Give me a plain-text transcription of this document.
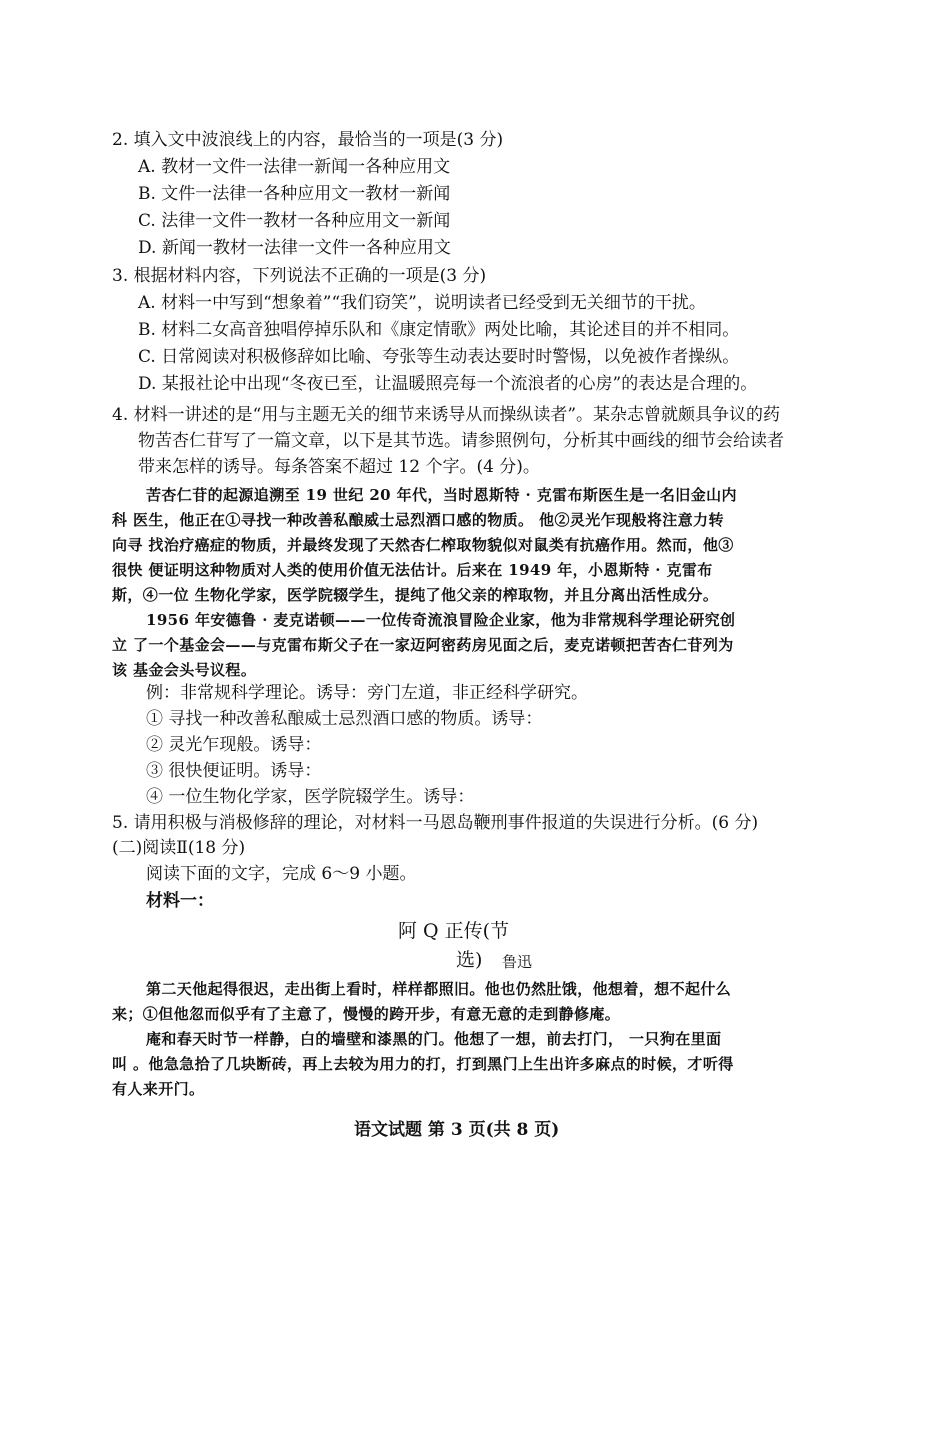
2. 填入文中波浪线上的内容，最恰当的一项是(3 分)
A. 教材一文件一法律一新闻一各种应用文
B. 文件一法律一各种应用文一教材一新闻
C. 法律一文件一教材一各种应用文一新闻
D. 新闻一教材一法律一文件一各种应用文
3. 根据材料内容，下列说法不正确的一项是(3 分)
A. 材料一中写到“想象着”“我们窃笑”，说明读者已经受到无关细节的干扰。
B. 材料二女高音独唱停掉乐队和《康定情歌》两处比喻，其论述目的并不相同。
C. 日常阅读对积极修辞如比喻、夸张等生动表达要时时警惕，以免被作者操纵。
D. 某报社论中出现“冬夜已至，让温暖照亮每一个流浪者的心房”的表达是合理的。
4. 材料一讲述的是“用与主题无关的细节来诱导从而操纵读者”。某杂志曾就颇具争议的药
物苦杏仁苷写了一篇文章，以下是其节选。请参照例句，分析其中画线的细节会给读者
带来怎样的诱导。每条答案不超过 12 个字。(4 分)。
苦杏仁苷的起源追溯至 19 世纪 20 年代，当时恩斯特 · 克雷布斯医生是一名旧金山内
科 医生，他正在①寻找一种改善私酿威士忌烈酒口感的物质。 他②灵光乍现般将注意力转
向寻 找治疗癌症的物质，并最终发现了天然杏仁榨取物貌似对鼠类有抗癌作用。然而，他③
很快 便证明这种物质对人类的使用价值无法估计。后来在 1949 年，小恩斯特 · 克雷布
斯，④一位 生物化学家，医学院辍学生，提纯了他父亲的榨取物，并且分离出活性成分。
1956 年安德鲁 · 麦克诺顿——一位传奇流浪冒险企业家，他为非常规科学理论研究创
立 了一个基金会——与克雷布斯父子在一家迈阿密药房见面之后，麦克诺顿把苦杏仁苷列为
该 基金会头号议程。
例：非常规科学理论。诱导：旁门左道，非正经科学研究。
① 寻找一种改善私酿威士忌烈酒口感的物质。诱导：
② 灵光乍现般。诱导：
③ 很快便证明。诱导：
④ 一位生物化学家，医学院辍学生。诱导：
5. 请用积极与消极修辞的理论，对材料一马恩岛鞭刑事件报道的失误进行分析。(6 分)
(二)阅读Ⅱ(18 分)
阅读下面的文字，完成 6～9 小题。
材料一：
阿 Q 正传(节
选) 鲁迅
第二天他起得很迟，走出街上看时，样样都照旧。他也仍然肚饿，他想着，想不起什么
来；①但他忽而似乎有了主意了，慢慢的跨开步，有意无意的走到静修庵。
庵和春天时节一样静，白的墙壁和漆黑的门。他想了一想，前去打门， 一只狗在里面
叫 。他急急拾了几块断砖，再上去较为用力的打，打到黑门上生出许多麻点的时候，才听得
有人来开门。
语文试题 第 3 页(共 8 页)
